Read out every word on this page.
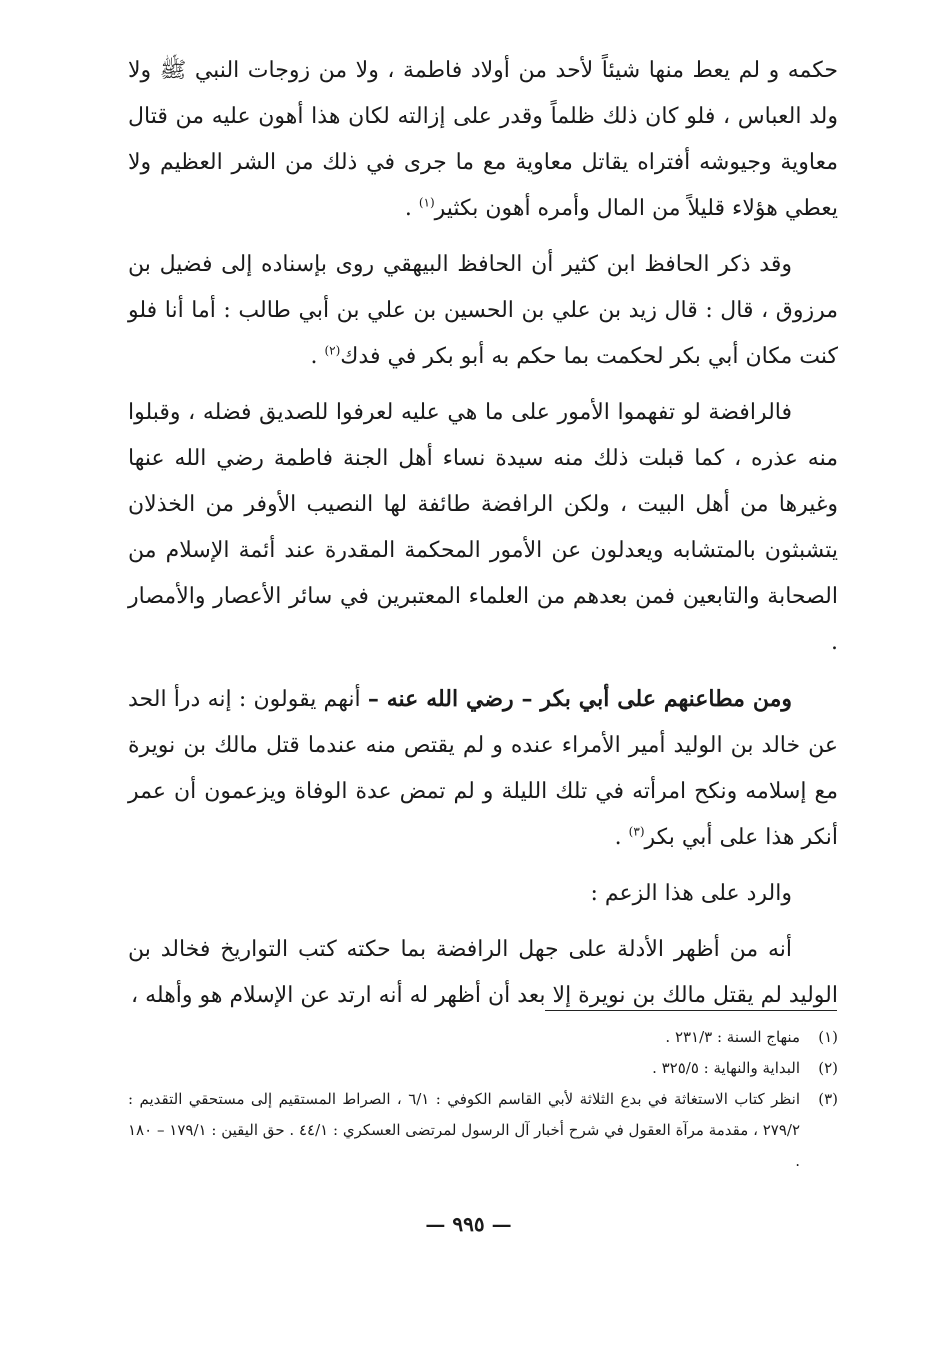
حكمه و لم يعط منها شيئاً لأحد من أولاد فاطمة ، ولا من زوجات النبي ﷺ ولا ولد العباس ، فلو كان ذلك ظلماً وقدر على إزالته لكان هذا أهون عليه من قتال معاوية وجيوشه أفتراه يقاتل معاوية مع ما جرى في ذلك من الشر العظيم ولا يعطي هؤلاء قليلاً من المال وأمره أهون بكثير$^{(١)}$ .

وقد ذكر الحافظ ابن كثير أن الحافظ البيهقي روى بإسناده إلى فضيل بن مرزوق ، قال : قال زيد بن علي بن الحسين بن علي بن أبي طالب : أما أنا فلو كنت مكان أبي بكر لحكمت بما حكم به أبو بكر في فدك$^{(٢)}$ .

فالرافضة لو تفهموا الأمور على ما هي عليه لعرفوا للصديق فضله ، وقبلوا منه عذره ، كما قبلت ذلك منه سيدة نساء أهل الجنة فاطمة رضي الله عنها وغيرها من أهل البيت ، ولكن الرافضة طائفة لها النصيب الأوفر من الخذلان يتشبثون بالمتشابه ويعدلون عن الأمور المحكمة المقدرة عند أئمة الإسلام من الصحابة والتابعين فمن بعدهم من العلماء المعتبرين في سائر الأعصار والأمصار .

ومن مطاعنهم على أبي بكر – رضي الله عنه – أنهم يقولون : إنه درأ الحد عن خالد بن الوليد أمير الأمراء عنده و لم يقتص منه عندما قتل مالك بن نويرة مع إسلامه ونكح امرأته في تلك الليلة و لم تمض عدة الوفاة ويزعمون أن عمر أنكر هذا على أبي بكر$^{(٣)}$ .

والرد على هذا الزعم :

أنه من أظهر الأدلة على جهل الرافضة بما حكته كتب التواريخ فخالد بن الوليد لم يقتل مالك بن نويرة إلا بعد أن أظهر له أنه ارتد عن الإسلام هو وأهله ،

(١)
منهاج السنة : ٢٣١/٣ .
(٢)
البداية والنهاية : ٣٢٥/٥ .
(٣)
انظر كتاب الاستغاثة في بدع الثلاثة لأبي القاسم الكوفي : ٦/١ ، الصراط المستقيم إلى مستحقي التقديم : ٢٧٩/٢ ، مقدمة مرآة العقول في شرح أخبار آل الرسول لمرتضى العسكري : ٤٤/١ . حق اليقين : ١٧٩/١ – ١٨٠ .
— ٩٩٥ —
